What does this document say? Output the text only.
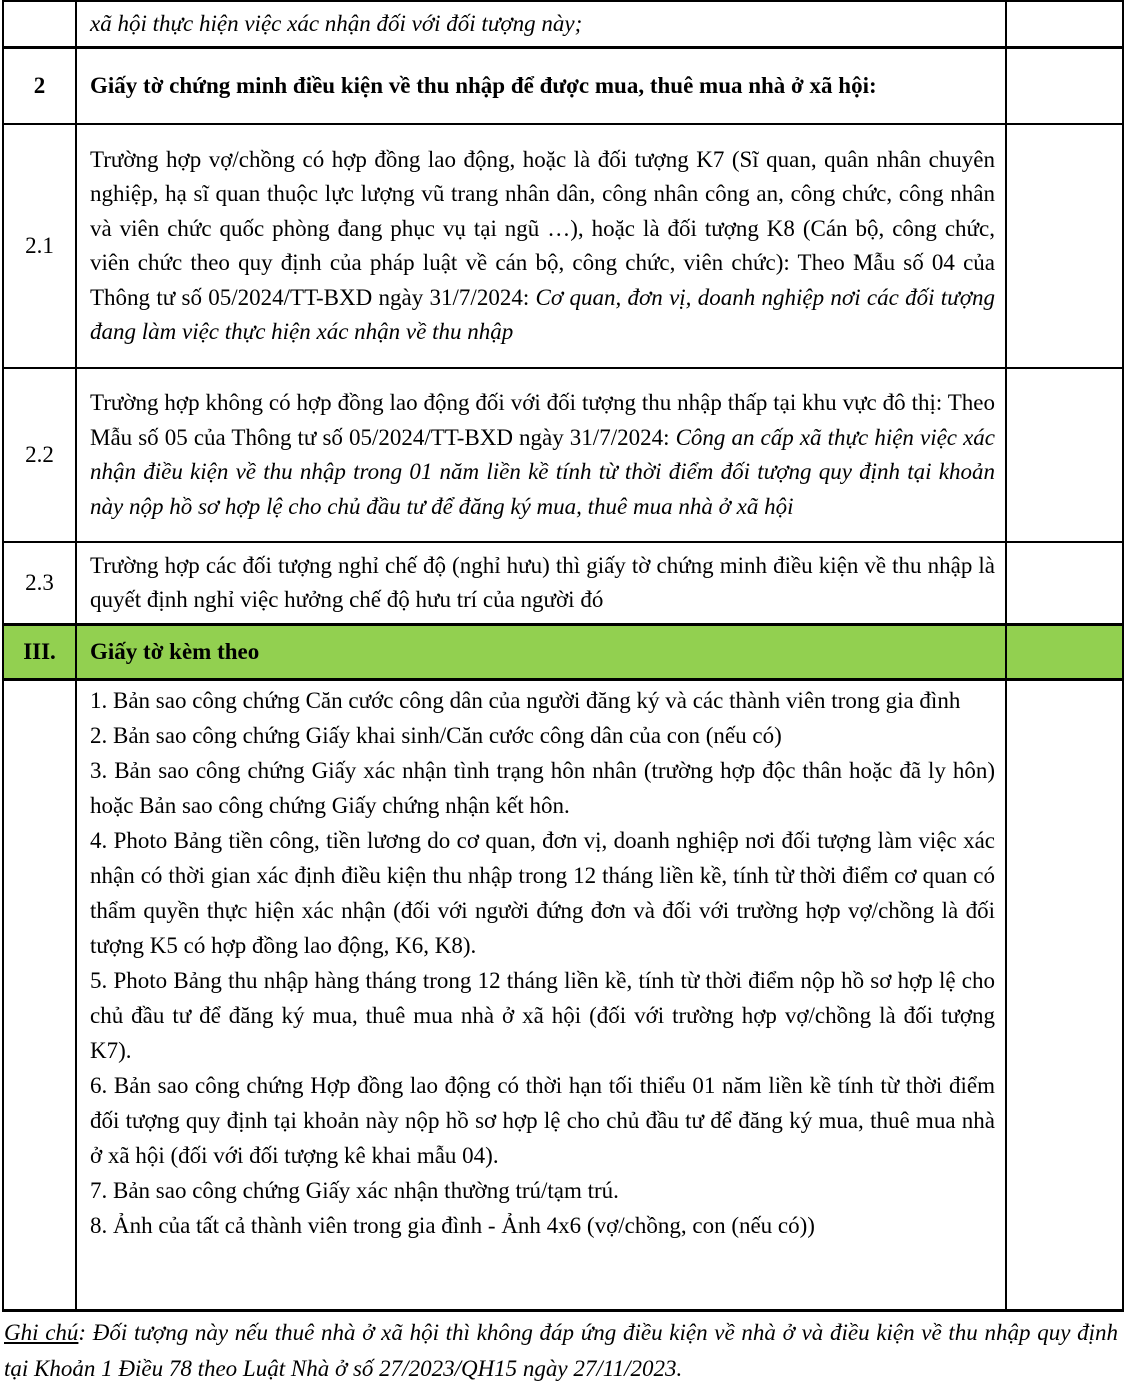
	xã hội thực hiện việc xác nhận đối với đối tượng này;	
2	Giấy tờ chứng minh điều kiện về thu nhập để được mua, thuê mua nhà ở xã hội:	
2.1	Trường hợp vợ/chồng có hợp đồng lao động, hoặc là đối tượng K7 (Sĩ quan, quân nhân chuyên nghiệp, hạ sĩ quan thuộc lực lượng vũ trang nhân dân, công nhân công an, công chức, công nhân và viên chức quốc phòng đang phục vụ tại ngũ …), hoặc là đối tượng K8 (Cán bộ, công chức, viên chức theo quy định của pháp luật về cán bộ, công chức, viên chức): Theo Mẫu số 04 của Thông tư số 05/2024/TT-BXD ngày 31/7/2024: Cơ quan, đơn vị, doanh nghiệp nơi các đối tượng đang làm việc thực hiện xác nhận về thu nhập	
2.2	Trường hợp không có hợp đồng lao động đối với đối tượng thu nhập thấp tại khu vực đô thị: Theo Mẫu số 05 của Thông tư số 05/2024/TT-BXD ngày 31/7/2024: Công an cấp xã thực hiện việc xác nhận điều kiện về thu nhập trong 01 năm liền kề tính từ thời điểm đối tượng quy định tại khoản này nộp hồ sơ hợp lệ cho chủ đầu tư để đăng ký mua, thuê mua nhà ở xã hội	
2.3	Trường hợp các đối tượng nghỉ chế độ (nghỉ hưu) thì giấy tờ chứng minh điều kiện về thu nhập là quyết định nghỉ việc hưởng chế độ hưu trí của người đó	
III.	Giấy tờ kèm theo	

1. Bản sao công chứng Căn cước công dân của người đăng ký và các thành viên trong gia đình

2. Bản sao công chứng Giấy khai sinh/Căn cước công dân của con (nếu có)

3. Bản sao công chứng Giấy xác nhận tình trạng hôn nhân (trường hợp độc thân hoặc đã ly hôn) hoặc Bản sao công chứng Giấy chứng nhận kết hôn.

4. Photo Bảng tiền công, tiền lương do cơ quan, đơn vị, doanh nghiệp nơi đối tượng làm việc xác nhận có thời gian xác định điều kiện thu nhập trong 12 tháng liền kề, tính từ thời điểm cơ quan có thẩm quyền thực hiện xác nhận (đối với người đứng đơn và đối với trường hợp vợ/chồng là đối tượng K5 có hợp đồng lao động, K6, K8).

5. Photo Bảng thu nhập hàng tháng trong 12 tháng liền kề, tính từ thời điểm nộp hồ sơ hợp lệ cho chủ đầu tư để đăng ký mua, thuê mua nhà ở xã hội (đối với trường hợp vợ/chồng là đối tượng K7).

6. Bản sao công chứng Hợp đồng lao động có thời hạn tối thiểu 01 năm liền kề tính từ thời điểm đối tượng quy định tại khoản này nộp hồ sơ hợp lệ cho chủ đầu tư để đăng ký mua, thuê mua nhà ở xã hội (đối với đối tượng kê khai mẫu 04).

7. Bản sao công chứng Giấy xác nhận thường trú/tạm trú.

8. Ảnh của tất cả thành viên trong gia đình - Ảnh 4x6 (vợ/chồng, con (nếu có))

Ghi chú: Đối tượng này nếu thuê nhà ở xã hội thì không đáp ứng điều kiện về nhà ở và điều kiện về thu nhập quy định tại Khoản 1 Điều 78 theo Luật Nhà ở số 27/2023/QH15 ngày 27/11/2023.
